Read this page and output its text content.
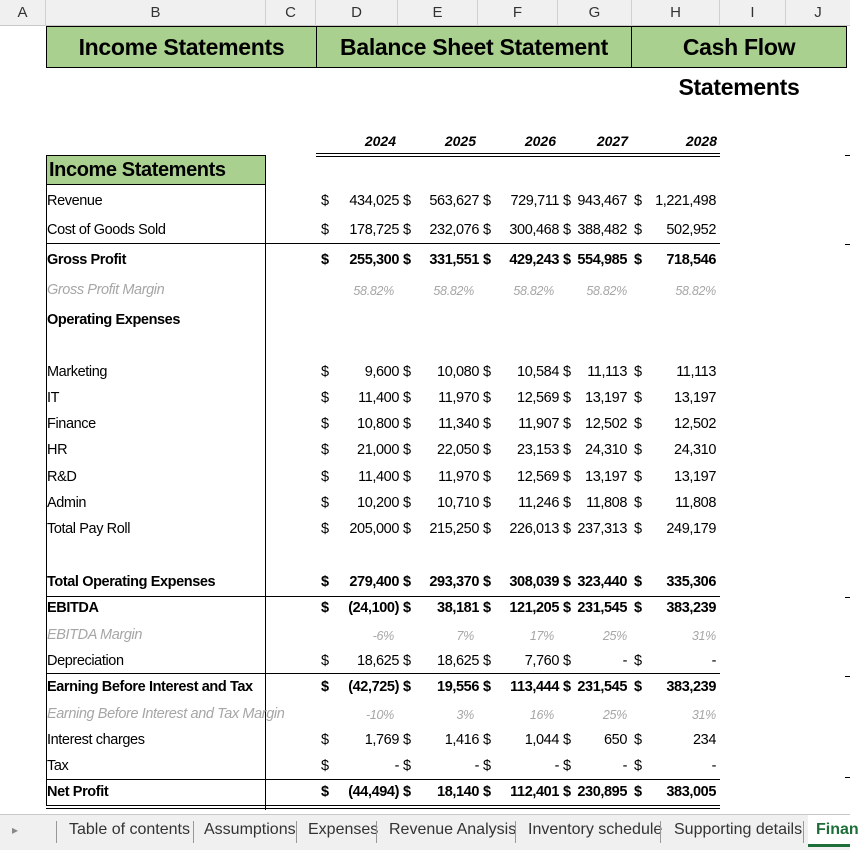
A	B	C	D	E	F	G	H	I	J
Income Statements	Balance Sheet Statement	Cash Flow Statements
2024	2025	2026	2027	2028
Income Statements
Revenue	$	434,025 $	563,627 $	729,711 $ 943,467 $ 1,221,498
Cost of Goods Sold	$	178,725 $	232,076 $	300,468 $ 388,482 $	502,952
Gross Profit	$	255,300 $	331,551 $	429,243 $ 554,985 $	718,546
Gross Profit Margin	58.82%	58.82%	58.82%	58.82%	58.82%
Operating Expenses
Marketing	$	9,600 $	10,080 $	10,584 $	11,113 $	11,113
IT	$	11,400 $	11,970 $	12,569 $ 13,197 $	13,197
Finance	$	10,800 $	11,340 $	11,907 $ 12,502 $	12,502
HR	$	21,000 $	22,050 $	23,153 $ 24,310 $	24,310
R&D	$	11,400 $	11,970 $	12,569 $ 13,197 $	13,197
Admin	$	10,200 $	10,710 $	11,246 $	11,808 $	11,808
Total Pay Roll	$	205,000 $	215,250 $	226,013 $ 237,313 $	249,179
Total Operating Expenses	$	279,400 $	293,370 $	308,039 $ 323,440 $	335,306
EBITDA	$	(24,100) $	38,181 $	121,205 $ 231,545 $	383,239
EBITDA Margin	-6%	7%	17%	25%	31%
Depreciation	$	18,625 $	18,625 $	7,760 $	- $	-
Earning Before Interest and Tax	$	(42,725) $	19,556 $	113,444 $ 231,545 $	383,239
Earning Before Interest and Tax Margin	-10%	3%	16%	25%	31%
Interest charges	$	1,769 $	1,416 $	1,044 $	650 $	234
Tax	$	- $	- $	- $	- $	-
Net Profit	$	(44,494) $	18,140 $	112,401 $ 230,895 $	383,005
▸	Table of contents Assumptions Expenses Revenue Analysis Inventory schedule Supporting details Finan
